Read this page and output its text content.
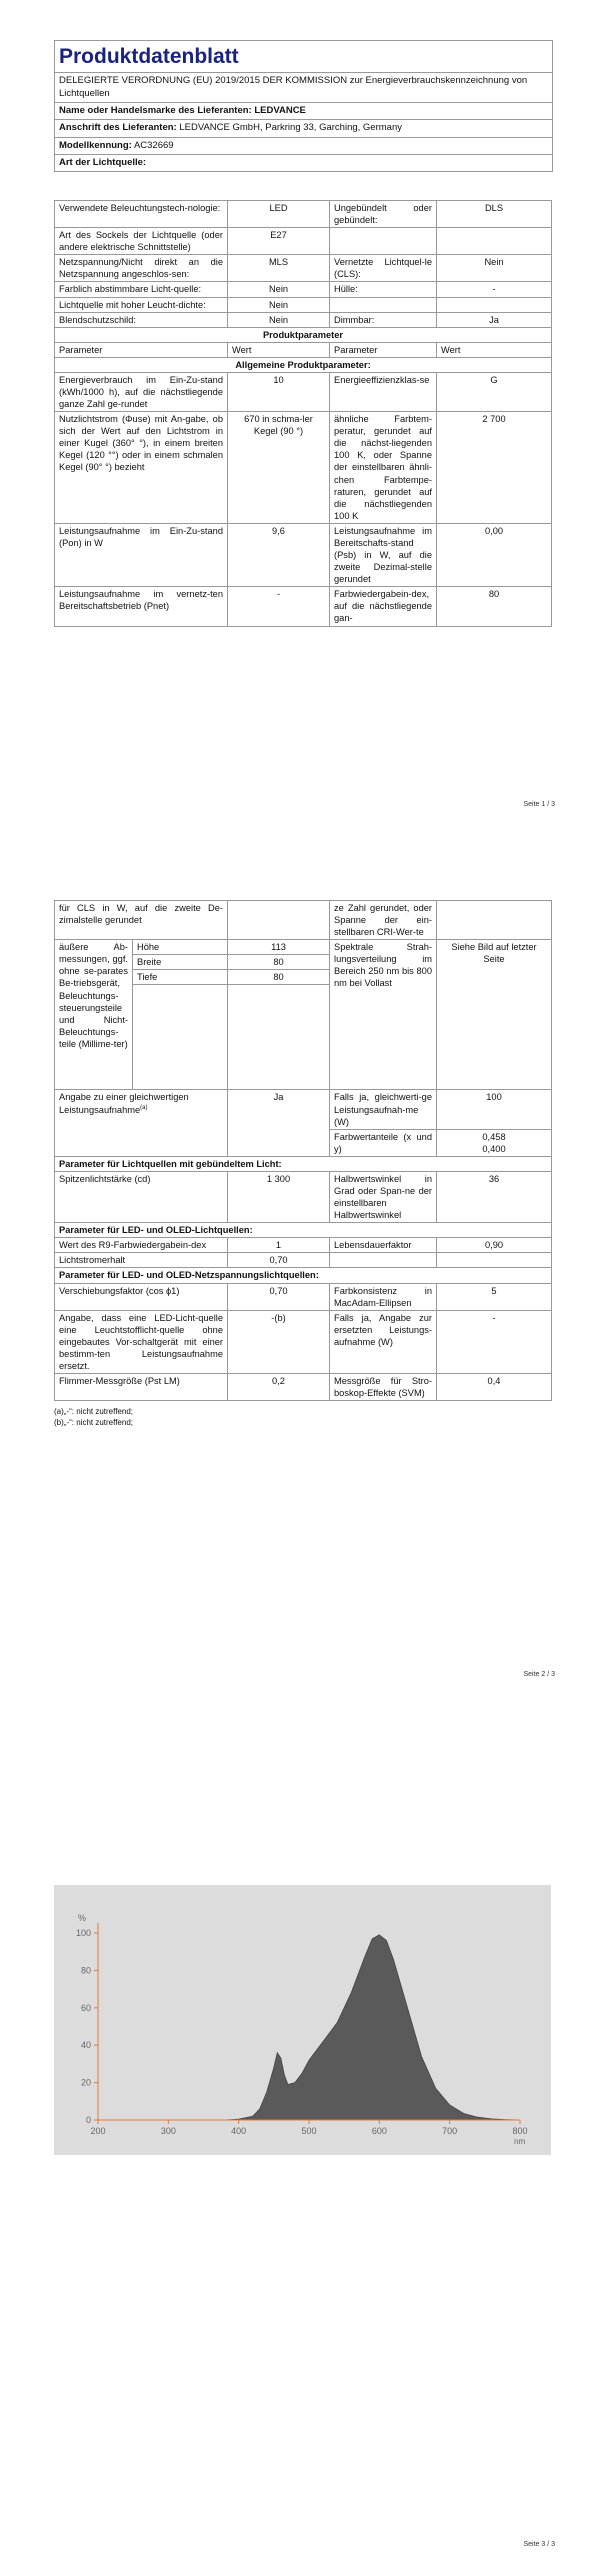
Produktdatenblatt
DELEGIERTE VERORDNUNG (EU) 2019/2015 DER KOMMISSION zur Energieverbrauchskennzeichnung von Lichtquellen
Name oder Handelsmarke des Lieferanten: LEDVANCE
Anschrift des Lieferanten: LEDVANCE GmbH, Parkring 33, Garching, Germany
Modellkennung: AC32669
Art der Lichtquelle:
Verwendete Beleuchtungstech-nologie:	LED	Ungebündelt oder gebündelt:	DLS
Art des Sockels der Lichtquelle (oder andere elektrische Schnittstelle)	E27		
Netzspannung/Nicht direkt an die Netzspannung angeschlos-sen:	MLS	Vernetzte Lichtquel-le (CLS):	Nein
Farblich abstimmbare Licht-quelle:	Nein	Hülle:	-
Lichtquelle mit hoher Leucht-dichte:	Nein		
Blendschutzschild:	Nein	Dimmbar:	Ja
Produktparameter			
Parameter	Wert	Parameter	Wert
Allgemeine Produktparameter:			
Energieverbrauch im Ein-Zu-stand (kWh/1000 h), auf die nächstliegende ganze Zahl ge-rundet	10	Energieeffizienzklas-se	G
Nutzlichtstrom (Φuse) mit An-gabe, ob sich der Wert auf den Lichtstrom in einer Kugel (360° °), in einem breiten Kegel (120 °°) oder in einem schmalen Kegel (90° °) bezieht	670 in schma-ler Kegel (90 °)	ähnliche Farbtem-peratur, gerundet auf die nächst-liegenden 100 K, oder Spanne der einstellbaren ähnli-chen Farbtempe-raturen, gerundet auf die nächstliegenden 100 K	2 700
Leistungsaufnahme im Ein-Zu-stand (Pon) in W	9,6	Leistungsaufnahme im Bereitschafts-stand (Psb) in W, auf die zweite Dezimal-stelle gerundet	0,00
Leistungsaufnahme im vernetz-ten Bereitschaftsbetrieb (Pnet)	-	Farbwiedergabein-dex, auf die nächstliegende gan-	80
Seite 1 / 3
für CLS in W, auf die zweite De-zimalstelle gerundet			ze Zahl gerundet, oder Spanne der ein-stellbaren CRI-Wer-te	
äußere Ab-messungen, ggf. ohne se-parates Be-triebsgerät, Beleuchtungs-steuerungsteile und Nicht-Beleuchtungs-teile (Millime-ter)	Höhe	113	Spektrale Strah-lungsverteilung im Bereich 250 nm bis 800 nm bei Vollast	Siehe Bild auf letzter Seite
	Breite	80		
	Tiefe	80		

Angabe zu einer gleichwertigen Leistungsaufnahme$^{(a)}$		Ja	Falls ja, gleichwerti-ge Leistungsaufnah-me (W)	100
			Farbwertanteile (x und y)	0,458
0,400

Parameter für Lichtquellen mit gebündeltem Licht:				
Spitzenlichtstärke (cd)		1 300	Halbwertswinkel in Grad oder Span-ne der einstellbaren Halbwertswinkel	36
Parameter für LED- und OLED-Lichtquellen:				
Wert des R9-Farbwiedergabein-dex		1	Lebensdauerfaktor	0,90
Lichtstromerhalt		0,70		
Parameter für LED- und OLED-Netzspannungslichtquellen:				
Verschiebungsfaktor (cos ϕ1)		0,70	Farbkonsistenz in MacAdam-Ellipsen	5
Angabe, dass eine LED-Licht-quelle eine Leuchtstofflicht-quelle ohne eingebautes Vor-schaltgerät mit einer bestimm-ten Leistungsaufnahme ersetzt.		-(b)	Falls ja, Angabe zur ersetzten Leistungs-aufnahme (W)	-
Flimmer-Messgröße (Pst LM)		0,2	Messgröße für Stro-boskop-Effekte (SVM)	0,4
(a)„-“: nicht zutreffend;
(b)„-“: nicht zutreffend;
Seite 2 / 3
Seite 3 / 3
0
20
40
60
80
100
200	300	400	500	600	700	800
%
nm
